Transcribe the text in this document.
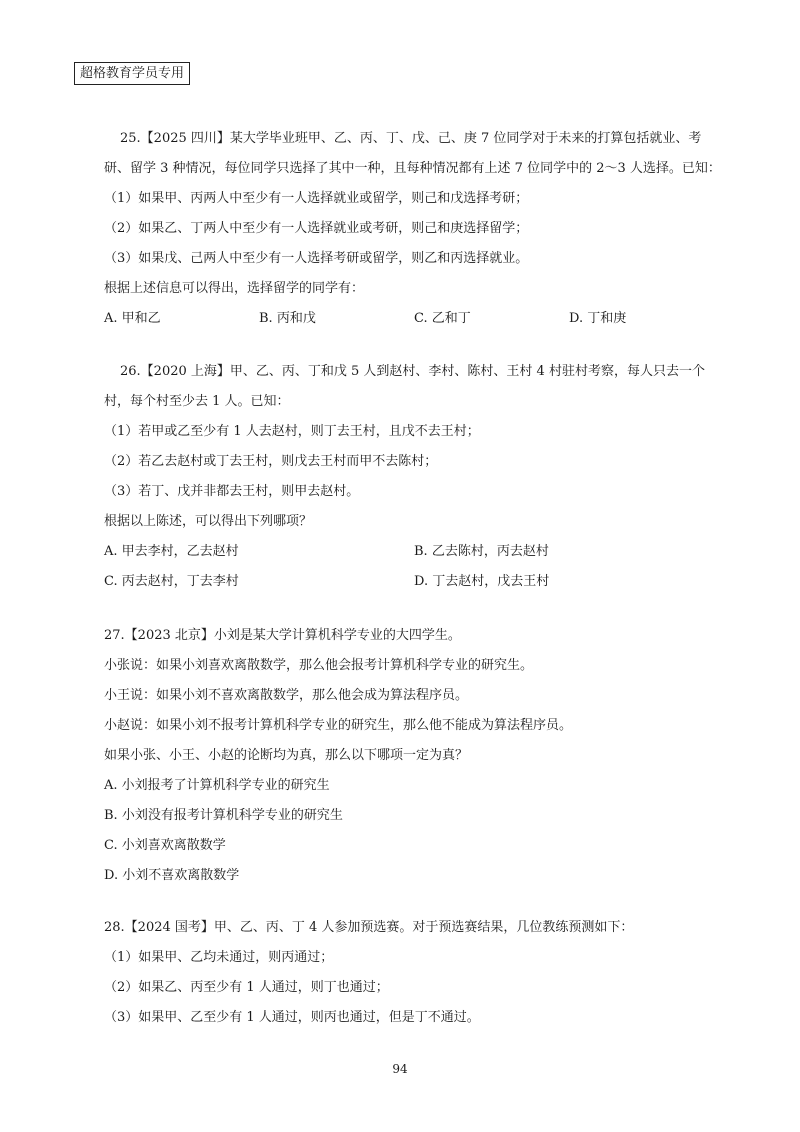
超格教育学员专用
25.【2025 四川】某大学毕业班甲、乙、丙、丁、戊、己、庚 7 位同学对于未来的打算包括就业、考研、留学 3 种情况，每位同学只选择了其中一种，且每种情况都有上述 7 位同学中的 2～3 人选择。已知：
（1）如果甲、丙两人中至少有一人选择就业或留学，则己和戊选择考研；
（2）如果乙、丁两人中至少有一人选择就业或考研，则己和庚选择留学；
（3）如果戊、己两人中至少有一人选择考研或留学，则乙和丙选择就业。
根据上述信息可以得出，选择留学的同学有：
A. 甲和乙	B. 丙和戊	C. 乙和丁	D. 丁和庚
26.【2020 上海】甲、乙、丙、丁和戊 5 人到赵村、李村、陈村、王村 4 村驻村考察，每人只去一个村，每个村至少去 1 人。已知：
（1）若甲或乙至少有 1 人去赵村，则丁去王村，且戊不去王村；
（2）若乙去赵村或丁去王村，则戊去王村而甲不去陈村；
（3）若丁、戊并非都去王村，则甲去赵村。
根据以上陈述，可以得出下列哪项？
A. 甲去李村，乙去赵村	B. 乙去陈村，丙去赵村
C. 丙去赵村，丁去李村	D. 丁去赵村，戊去王村
27.【2023 北京】小刘是某大学计算机科学专业的大四学生。
小张说：如果小刘喜欢离散数学，那么他会报考计算机科学专业的研究生。
小王说：如果小刘不喜欢离散数学，那么他会成为算法程序员。
小赵说：如果小刘不报考计算机科学专业的研究生，那么他不能成为算法程序员。
如果小张、小王、小赵的论断均为真，那么以下哪项一定为真？
A. 小刘报考了计算机科学专业的研究生
B. 小刘没有报考计算机科学专业的研究生
C. 小刘喜欢离散数学
D. 小刘不喜欢离散数学
28.【2024 国考】甲、乙、丙、丁 4 人参加预选赛。对于预选赛结果，几位教练预测如下：
（1）如果甲、乙均未通过，则丙通过；
（2）如果乙、丙至少有 1 人通过，则丁也通过；
（3）如果甲、乙至少有 1 人通过，则丙也通过，但是丁不通过。
94
